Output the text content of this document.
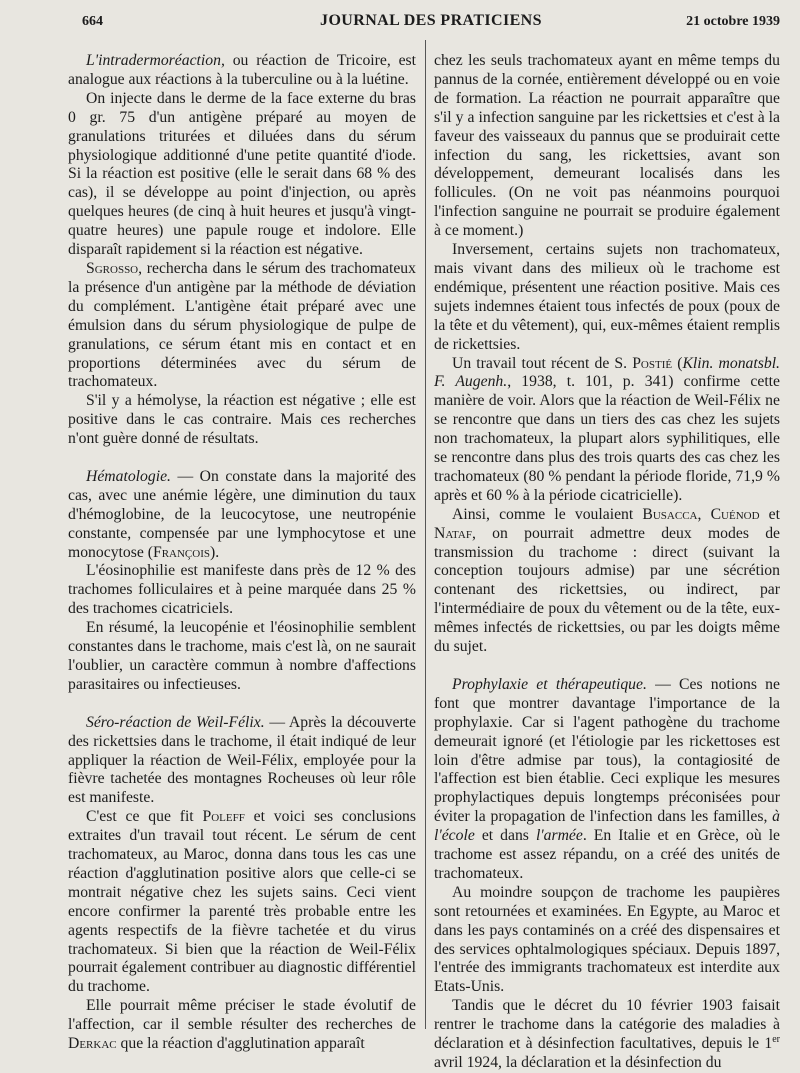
664	JOURNAL DES PRATICIENS	21 octobre 1939

L'intradermoréaction, ou réaction de Tricoire, est analogue aux réactions à la tuberculine ou à la luétine.

On injecte dans le derme de la face externe du bras 0 gr. 75 d'un antigène préparé au moyen de granulations triturées et diluées dans du sérum physiologique additionné d'une petite quantité d'iode. Si la réaction est positive (elle le serait dans 68 % des cas), il se développe au point d'injection, ou après quelques heures (de cinq à huit heures et jusqu'à vingt-quatre heures) une papule rouge et indolore. Elle disparaît rapidement si la réaction est négative.

Sgrosso, rechercha dans le sérum des trachomateux la présence d'un antigène par la méthode de déviation du complément. L'antigène était préparé avec une émulsion dans du sérum physiologique de pulpe de granulations, ce sérum étant mis en contact et en proportions déterminées avec du sérum de trachomateux.

S'il y a hémolyse, la réaction est négative ; elle est positive dans le cas contraire. Mais ces recherches n'ont guère donné de résultats.

Hématologie. — On constate dans la majorité des cas, avec une anémie légère, une diminution du taux d'hémoglobine, de la leucocytose, une neutropénie constante, compensée par une lymphocytose et une monocytose (François).

L'éosinophilie est manifeste dans près de 12 % des trachomes folliculaires et à peine marquée dans 25 % des trachomes cicatriciels.

En résumé, la leucopénie et l'éosinophilie semblent constantes dans le trachome, mais c'est là, on ne saurait l'oublier, un caractère commun à nombre d'affections parasitaires ou infectieuses.

Séro-réaction de Weil-Félix. — Après la découverte des rickettsies dans le trachome, il était indiqué de leur appliquer la réaction de Weil-Félix, employée pour la fièvre tachetée des montagnes Rocheuses où leur rôle est manifeste.

C'est ce que fit Poleff et voici ses conclusions extraites d'un travail tout récent. Le sérum de cent trachomateux, au Maroc, donna dans tous les cas une réaction d'agglutination positive alors que celle-ci se montrait négative chez les sujets sains. Ceci vient encore confirmer la parenté très probable entre les agents respectifs de la fièvre tachetée et du virus trachomateux. Si bien que la réaction de Weil-Félix pourrait également contribuer au diagnostic différentiel du trachome.

Elle pourrait même préciser le stade évolutif de l'affection, car il semble résulter des recherches de Derkac que la réaction d'agglutination apparaît

chez les seuls trachomateux ayant en même temps du pannus de la cornée, entièrement développé ou en voie de formation. La réaction ne pourrait apparaître que s'il y a infection sanguine par les rickettsies et c'est à la faveur des vaisseaux du pannus que se produirait cette infection du sang, les rickettsies, avant son développement, demeurant localisés dans les follicules. (On ne voit pas néanmoins pourquoi l'infection sanguine ne pourrait se produire également à ce moment.)

Inversement, certains sujets non trachomateux, mais vivant dans des milieux où le trachome est endémique, présentent une réaction positive. Mais ces sujets indemnes étaient tous infectés de poux (poux de la tête et du vêtement), qui, eux-mêmes étaient remplis de rickettsies.

Un travail tout récent de S. Postié (Klin. monatsbl. F. Augenh., 1938, t. 101, p. 341) confirme cette manière de voir. Alors que la réaction de Weil-Félix ne se rencontre que dans un tiers des cas chez les sujets non trachomateux, la plupart alors syphilitiques, elle se rencontre dans plus des trois quarts des cas chez les trachomateux (80 % pendant la période floride, 71,9 % après et 60 % à la période cicatricielle).

Ainsi, comme le voulaient Busacca, Cuénod et Nataf, on pourrait admettre deux modes de transmission du trachome : direct (suivant la conception toujours admise) par une sécrétion contenant des rickettsies, ou indirect, par l'intermédiaire de poux du vêtement ou de la tête, eux-mêmes infectés de rickettsies, ou par les doigts même du sujet.

Prophylaxie et thérapeutique. — Ces notions ne font que montrer davantage l'importance de la prophylaxie. Car si l'agent pathogène du trachome demeurait ignoré (et l'étiologie par les rickettoses est loin d'être admise par tous), la contagiosité de l'affection est bien établie. Ceci explique les mesures prophylactiques depuis longtemps préconisées pour éviter la propagation de l'infection dans les familles, à l'école et dans l'armée. En Italie et en Grèce, où le trachome est assez répandu, on a créé des unités de trachomateux.

Au moindre soupçon de trachome les paupières sont retournées et examinées. En Egypte, au Maroc et dans les pays contaminés on a créé des dispensaires et des services ophtalmologiques spéciaux. Depuis 1897, l'entrée des immigrants trachomateux est interdite aux Etats-Unis.

Tandis que le décret du 10 février 1903 faisait rentrer le trachome dans la catégorie des maladies à déclaration et à désinfection facultatives, depuis le 1er avril 1924, la déclaration et la désinfection du
